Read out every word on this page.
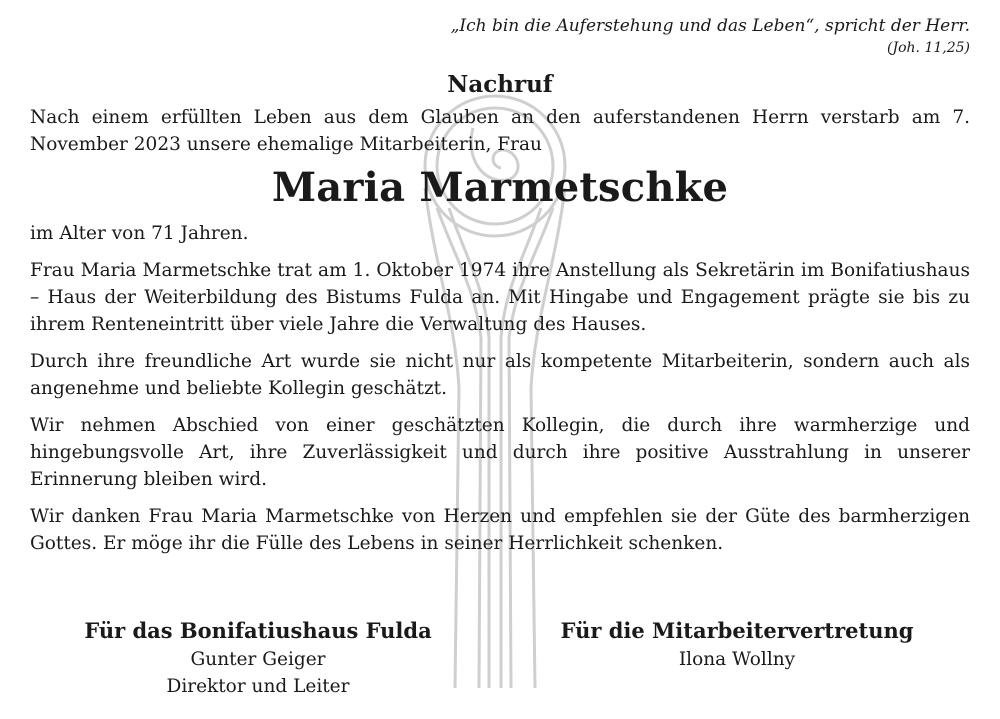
„Ich bin die Auferstehung und das Leben“, spricht der Herr.
(Joh. 11,25)
Nachruf

Nach einem erfüllten Leben aus dem Glauben an den auferstandenen Herrn verstarb am 7. November 2023 unsere ehemalige Mitarbeiterin, Frau

Maria Marmetschke

im Alter von 71 Jahren.

Frau Maria Marmetschke trat am 1. Oktober 1974 ihre Anstellung als Sekretärin im Bonifatiushaus – Haus der Weiterbildung des Bistums Fulda an. Mit Hingabe und Engagement prägte sie bis zu ihrem Renteneintritt über viele Jahre die Verwaltung des Hauses.

Durch ihre freundliche Art wurde sie nicht nur als kompetente Mitarbeiterin, sondern auch als angenehme und beliebte Kollegin geschätzt.

Wir nehmen Abschied von einer geschätzten Kollegin, die durch ihre warmherzige und hingebungsvolle Art, ihre Zuverlässigkeit und durch ihre positive Ausstrahlung in unserer Erinnerung bleiben wird.

Wir danken Frau Maria Marmetschke von Herzen und empfehlen sie der Güte des barmherzigen Gottes. Er möge ihr die Fülle des Lebens in seiner Herrlichkeit schenken.

Für das Bonifatiushaus Fulda
Gunter Geiger
Direktor und Leiter
Für die Mitarbeitervertretung
Ilona Wollny
